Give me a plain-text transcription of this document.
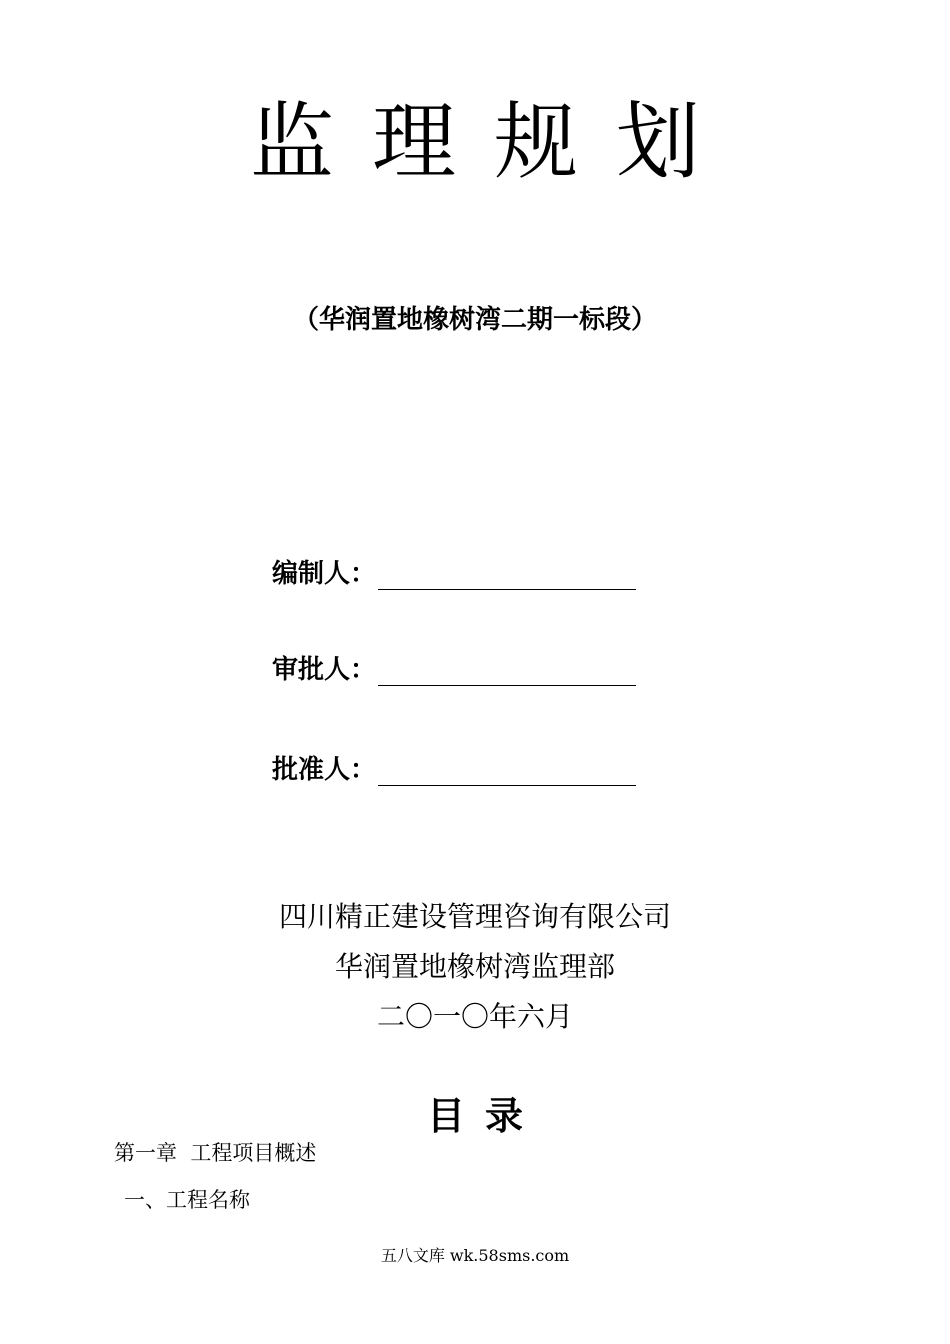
监理规划
（华润置地橡树湾二期一标段）
编制人：
审批人：
批准人：
四川精正建设管理咨询有限公司
华润置地橡树湾监理部
二〇一〇年六月
目录
第一章  工程项目概述
一、工程名称
五八文库 wk.58sms.com
